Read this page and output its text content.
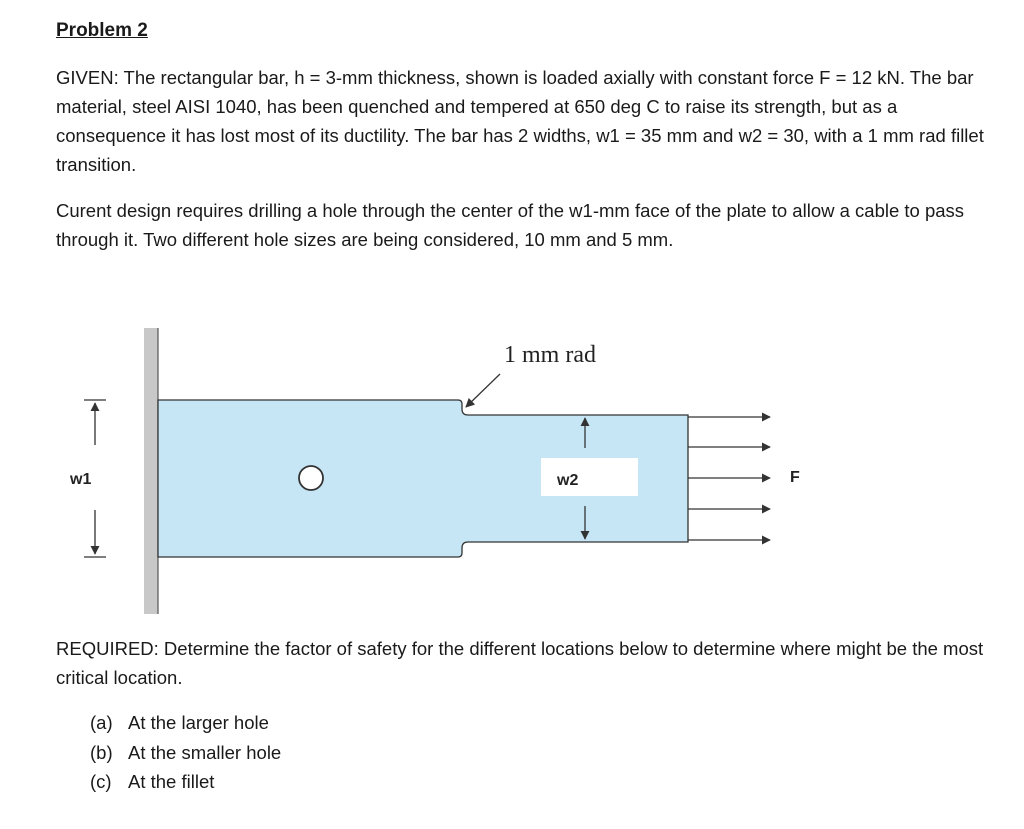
Problem 2

GIVEN: The rectangular bar, h = 3-mm thickness, shown is loaded axially with constant force F = 12 kN. The bar material, steel AISI 1040, has been quenched and tempered at 650 deg C to raise its strength, but as a consequence it has lost most of its ductility. The bar has 2 widths, w1 = 35 mm and w2 = 30, with a 1 mm rad fillet transition.

Curent design requires drilling a hole through the center of the w1-mm face of the plate to allow a cable to pass through it. Two different hole sizes are being considered, 10 mm and 5 mm.

1 mm rad
w1	w2	F

REQUIRED: Determine the factor of safety for the different locations below to determine where might be the most critical location.

(a) At the larger hole
(b) At the smaller hole
(c) At the fillet
